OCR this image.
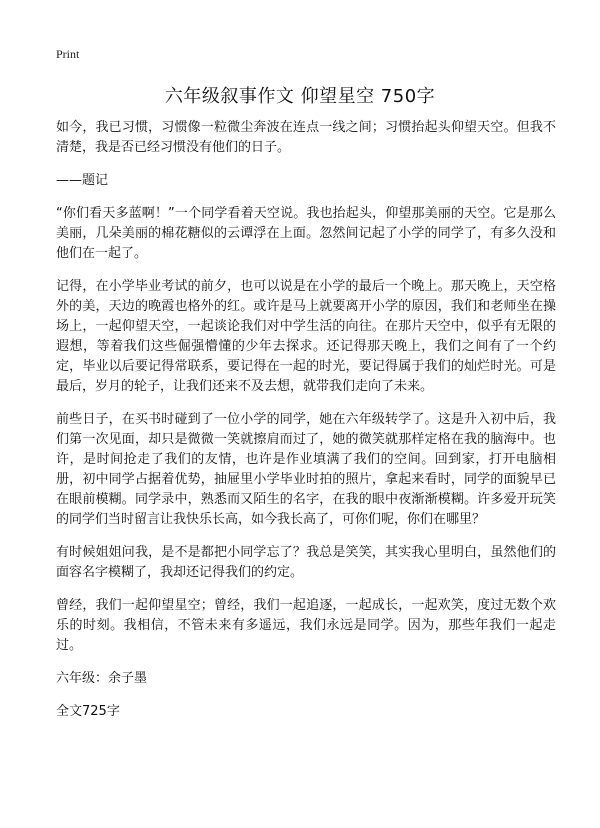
Print
六年级叙事作文 仰望星空 750字

如今，我已习惯，习惯像一粒微尘奔波在连点一线之间；习惯抬起头仰望天空。但我不清楚，我是否已经习惯没有他们的日子。

——题记

“你们看天多蓝啊！”一个同学看着天空说。我也抬起头，仰望那美丽的天空。它是那么美丽，几朵美丽的棉花糖似的云谭浮在上面。忽然间记起了小学的同学了，有多久没和他们在一起了。

记得，在小学毕业考试的前夕，也可以说是在小学的最后一个晚上。那天晚上，天空格外的美，天边的晚霞也格外的红。或许是马上就要离开小学的原因，我们和老师坐在操场上，一起仰望天空，一起谈论我们对中学生活的向往。在那片天空中，似乎有无限的遐想，等着我们这些倔强懵懂的少年去探求。还记得那天晚上，我们之间有了一个约定，毕业以后要记得常联系，要记得在一起的时光，要记得属于我们的灿烂时光。可是最后，岁月的轮子，让我们还来不及去想，就带我们走向了未来。

前些日子，在买书时碰到了一位小学的同学，她在六年级转学了。这是升入初中后，我们第一次见面，却只是微微一笑就擦肩而过了，她的微笑就那样定格在我的脑海中。也许，是时间抢走了我们的友情，也许是作业填满了我们的空间。回到家，打开电脑相册，初中同学占据着优势，抽屉里小学毕业时拍的照片，拿起来看时，同学的面貌早已在眼前模糊。同学录中，熟悉而又陌生的名字，在我的眼中夜渐渐模糊。许多爱开玩笑的同学们当时留言让我快乐长高，如今我长高了，可你们呢，你们在哪里？

有时候姐姐问我，是不是都把小同学忘了？我总是笑笑，其实我心里明白，虽然他们的面容名字模糊了，我却还记得我们的约定。

曾经，我们一起仰望星空；曾经，我们一起追逐，一起成长，一起欢笑，度过无数个欢乐的时刻。我相信，不管未来有多遥远，我们永远是同学。因为，那些年我们一起走过。

六年级：余子墨

全文725字
